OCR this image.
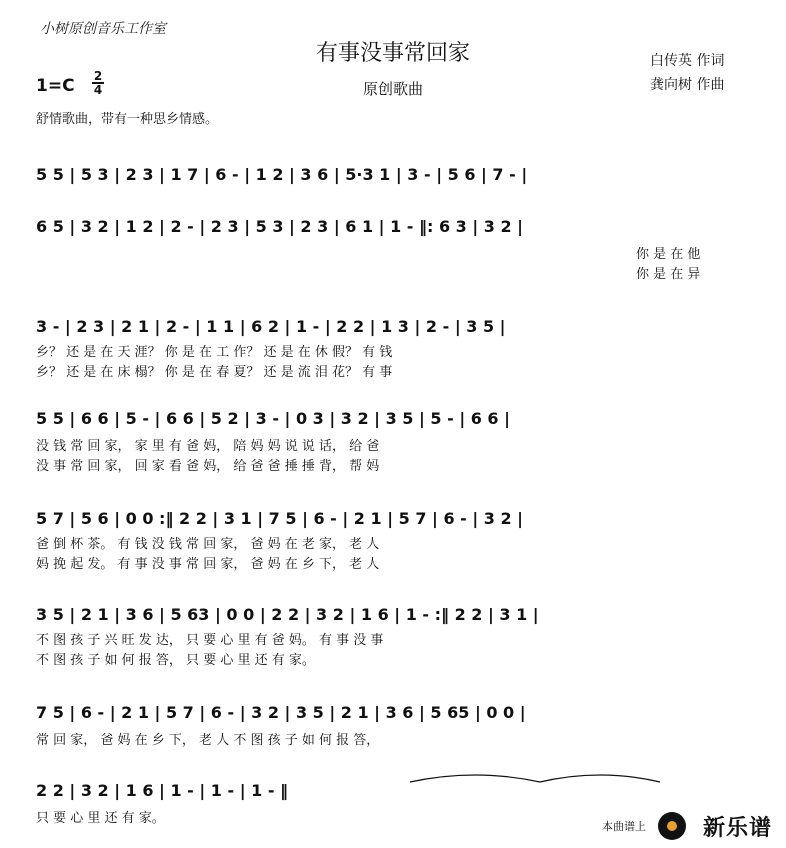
小树原创音乐工作室
有事没事常回家
原创歌曲
白传英 作词
龚向树 作曲
1=C 2
4
舒情歌曲，带有一种思乡情感。
5 5 | 5 3 | 2 3 | 1 7 | 6 - | 1 2 | 3 6 | 5·3 1 | 3 - | 5 6 | 7 - |
6 5 | 3 2 | 1 2 | 2 - | 2 3 | 5 3 | 2 3 | 6 1 | 1 - ‖: 6 3 | 3 2 |
你 是 在 他
你 是 在 异
3 - | 2 3 | 2 1 | 2 - | 1 1 | 6 2 | 1 - | 2 2 | 1 3 | 2 - | 3 5 |
乡？ 还 是 在 天 涯？ 你 是 在 工 作？ 还 是 在 休 假？ 有 钱
乡？ 还 是 在 床 榻？ 你 是 在 春 夏？ 还 是 流 泪 花？ 有 事
5 5 | 6 6 | 5 - | 6 6 | 5 2 | 3 - | 0 3 | 3 2 | 3 5 | 5 - | 6 6 |
没 钱 常 回 家， 家 里 有 爸 妈， 陪 妈 妈 说 说 话， 给 爸
没 事 常 回 家， 回 家 看 爸 妈， 给 爸 爸 捶 捶 背， 帮 妈
5 7 | 5 6 | 0 0 :‖ 2 2 | 3 1 | 7 5 | 6 - | 2 1 | 5 7 | 6 - | 3 2 |
爸 倒 杯 茶。 有 钱 没 钱 常 回 家， 爸 妈 在 老 家， 老 人
妈 挽 起 发。 有 事 没 事 常 回 家， 爸 妈 在 乡 下， 老 人
3 5 | 2 1 | 3 6 | 5 63 | 0 0 | 2 2 | 3 2 | 1 6 | 1 - :‖ 2 2 | 3 1 |
不 图 孩 子 兴 旺 发 达， 只 要 心 里 有 爸 妈。 有 事 没 事
不 图 孩 子 如 何 报 答， 只 要 心 里 还 有 家。
7 5 | 6 - | 2 1 | 5 7 | 6 - | 3 2 | 3 5 | 2 1 | 3 6 | 5 65 | 0 0 |
常 回 家， 爸 妈 在 乡 下， 老 人 不 图 孩 子 如 何 报 答，
2 2 | 3 2 | 1 6 | 1 - | 1 - | 1 - ‖
只 要 心 里 还 有 家。
本曲谱上	新乐谱
